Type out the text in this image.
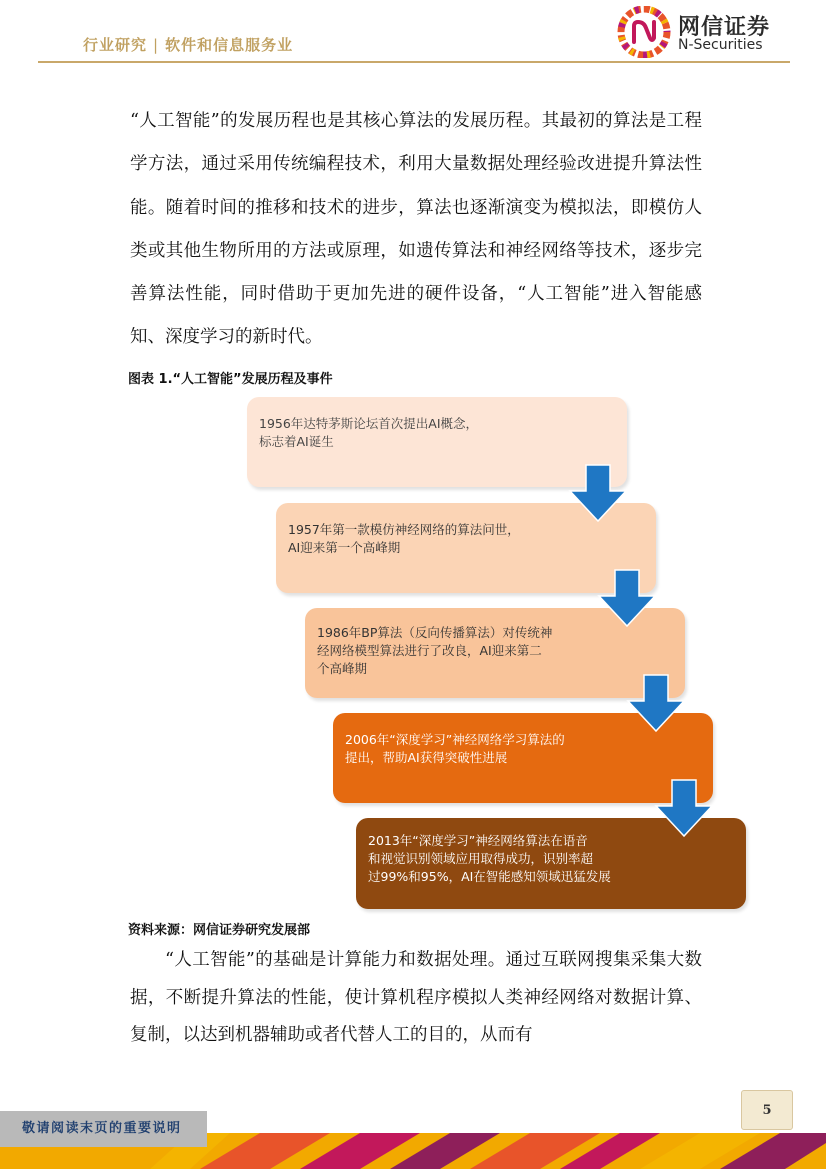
行业研究 | 软件和信息服务业
网信证券
N-Securities

“人工智能”的发展历程也是其核心算法的发展历程。其最初的算法是工程学方法，通过采用传统编程技术，利用大量数据处理经验改进提升算法性能。随着时间的推移和技术的进步，算法也逐渐演变为模拟法，即模仿人类或其他生物所用的方法或原理，如遗传算法和神经网络等技术，逐步完善算法性能，同时借助于更加先进的硬件设备，“人工智能”进入智能感知、深度学习的新时代。

图表 1.“人工智能”发展历程及事件
1956年达特茅斯论坛首次提出AI概念，
标志着AI诞生
1957年第一款模仿神经网络的算法问世，
AI迎来第一个高峰期
1986年BP算法（反向传播算法）对传统神
经网络模型算法进行了改良，AI迎来第二
个高峰期
2006年“深度学习”神经网络学习算法的
提出，帮助AI获得突破性进展
2013年“深度学习”神经网络算法在语音
和视觉识别领域应用取得成功，识别率超
过99%和95%，AI在智能感知领域迅猛发展
资料来源：网信证券研究发展部

“人工智能”的基础是计算能力和数据处理。通过互联网搜集采集大数据，不断提升算法的性能，使计算机程序模拟人类神经网络对数据计算、复制，以达到机器辅助或者代替人工的目的，从而有

5
敬请阅读末页的重要说明
